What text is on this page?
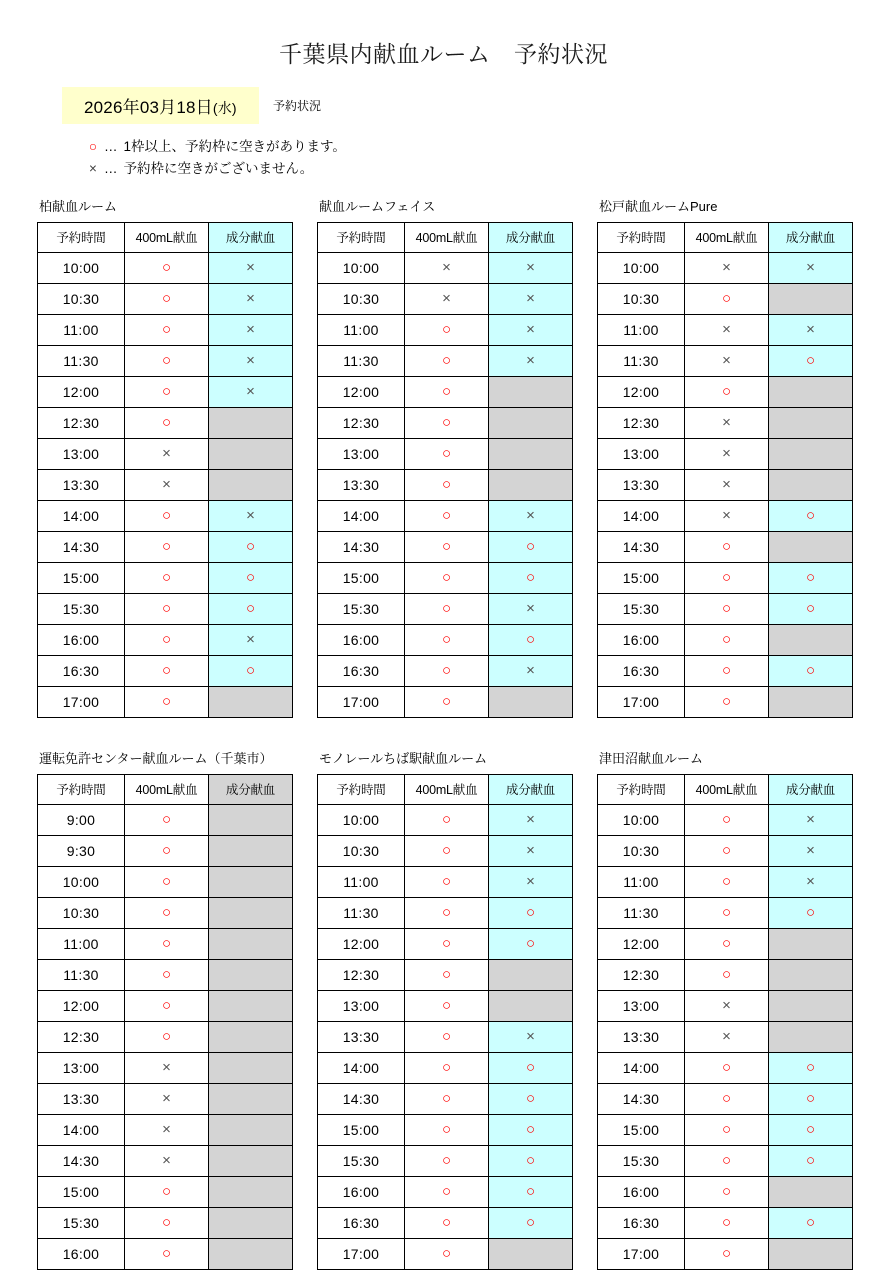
千葉県内献血ルーム　予約状況
2026年03月18日(水)	予約状況
○ … 1枠以上、予約枠に空きがあります。
× … 予約枠に空きがございません。
柏献血ルーム
予約時間	400mL献血	成分献血
10:00	○	×
10:30	○	×
11:00	○	×
11:30	○	×
12:00	○	×
12:30	○	
13:00	×	
13:30	×	
14:00	○	×
14:30	○	○
15:00	○	○
15:30	○	○
16:00	○	×
16:30	○	○
17:00	○	
献血ルームフェイス
予約時間	400mL献血	成分献血
10:00	×	×
10:30	×	×
11:00	○	×
11:30	○	×
12:00	○	
12:30	○	
13:00	○	
13:30	○	
14:00	○	×
14:30	○	○
15:00	○	○
15:30	○	×
16:00	○	○
16:30	○	×
17:00	○	
松戸献血ルームPure
予約時間	400mL献血	成分献血
10:00	×	×
10:30	○	
11:00	×	×
11:30	×	○
12:00	○	
12:30	×	
13:00	×	
13:30	×	
14:00	×	○
14:30	○	
15:00	○	○
15:30	○	○
16:00	○	
16:30	○	○
17:00	○	
運転免許センター献血ルーム（千葉市）
予約時間	400mL献血	成分献血
9:00	○	
9:30	○	
10:00	○	
10:30	○	
11:00	○	
11:30	○	
12:00	○	
12:30	○	
13:00	×	
13:30	×	
14:00	×	
14:30	×	
15:00	○	
15:30	○	
16:00	○	
モノレールちば駅献血ルーム
予約時間	400mL献血	成分献血
10:00	○	×
10:30	○	×
11:00	○	×
11:30	○	○
12:00	○	○
12:30	○	
13:00	○	
13:30	○	×
14:00	○	○
14:30	○	○
15:00	○	○
15:30	○	○
16:00	○	○
16:30	○	○
17:00	○	
津田沼献血ルーム
予約時間	400mL献血	成分献血
10:00	○	×
10:30	○	×
11:00	○	×
11:30	○	○
12:00	○	
12:30	○	
13:00	×	
13:30	×	
14:00	○	○
14:30	○	○
15:00	○	○
15:30	○	○
16:00	○	
16:30	○	○
17:00	○	
